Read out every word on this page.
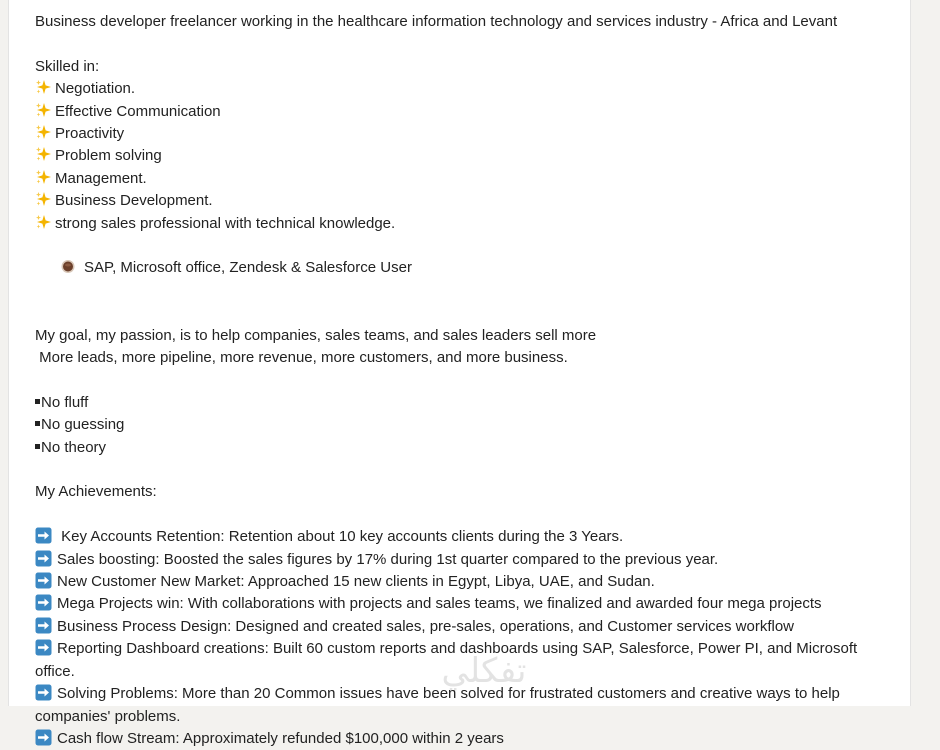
Business developer freelancer working in the healthcare information technology and services industry - Africa and Levant
Skilled in:
Negotiation.
Effective Communication
Proactivity
Problem solving
Management.
Business Development.
strong sales professional with technical knowledge.

SAP, Microsoft office, Zendesk & Salesforce User

My goal, my passion, is to help companies, sales teams, and sales leaders sell more
More leads, more pipeline, more revenue, more customers, and more business.
No fluff
No guessing
No theory
My Achievements:
Key Accounts Retention: Retention about 10 key accounts clients during the 3 Years.
Sales boosting: Boosted the sales figures by 17% during 1st quarter compared to the previous year.
New Customer New Market: Approached 15 new clients in Egypt, Libya, UAE, and Sudan.
Mega Projects win: With collaborations with projects and sales teams, we finalized and awarded four mega projects
Business Process Design: Designed and created sales, pre-sales, operations, and Customer services workflow
Reporting Dashboard creations: Built 60 custom reports and dashboards using SAP, Salesforce, Power PI, and Microsoft office.
Solving Problems: More than 20 Common issues have been solved for frustrated customers and creative ways to help companies' problems.
Cash flow Stream: Approximately refunded $100,000 within 2 years
تفكلي
